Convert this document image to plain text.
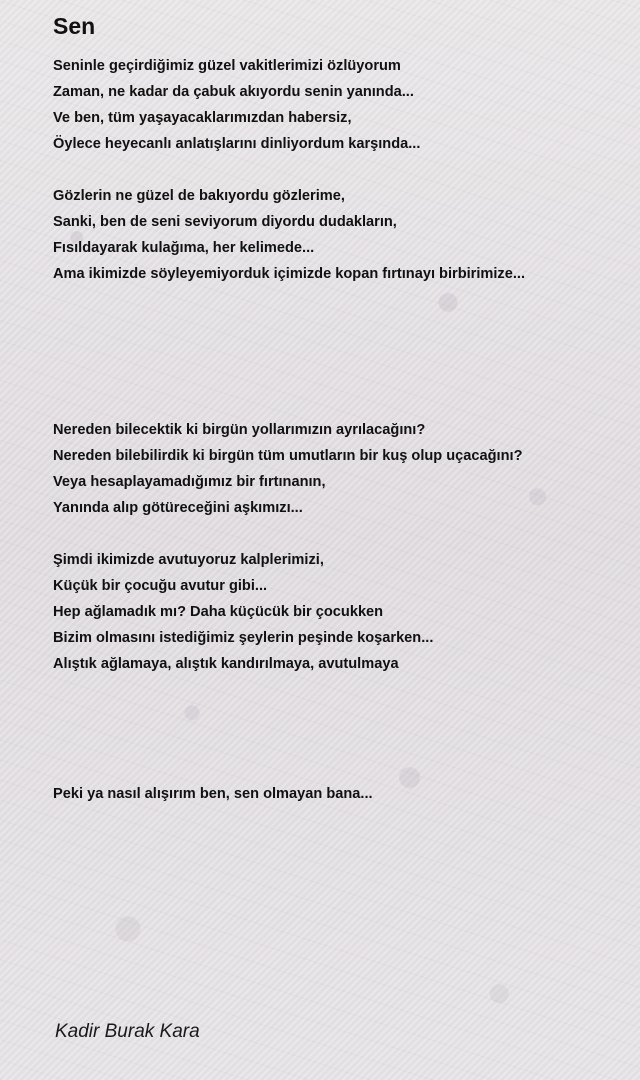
Sen
Seninle geçirdiğimiz güzel vakitlerimizi özlüyorum
Zaman, ne kadar da çabuk akıyordu senin yanında...
Ve ben, tüm yaşayacaklarımızdan habersiz,
Öylece heyecanlı anlatışlarını dinliyordum karşında...
Gözlerin ne güzel de bakıyordu gözlerime,
Sanki, ben de seni seviyorum diyordu dudakların,
Fısıldayarak kulağıma, her kelimede...
Ama ikimizde söyleyemiyorduk içimizde kopan fırtınayı birbirimize...
Nereden bilecektik ki birgün yollarımızın ayrılacağını?
Nereden bilebilirdik ki birgün tüm umutların bir kuş olup uçacağını?
Veya hesaplayamadığımız bir fırtınanın,
Yanında alıp götüreceğini aşkımızı...
Şimdi ikimizde avutuyoruz kalplerimizi,
Küçük bir çocuğu avutur gibi...
Hep ağlamadık mı? Daha küçücük bir çocukken
Bizim olmasını istediğimiz şeylerin peşinde koşarken...
Alıştık ağlamaya, alıştık kandırılmaya, avutulmaya
Peki ya nasıl alışırım ben, sen olmayan bana...
Kadir Burak Kara
